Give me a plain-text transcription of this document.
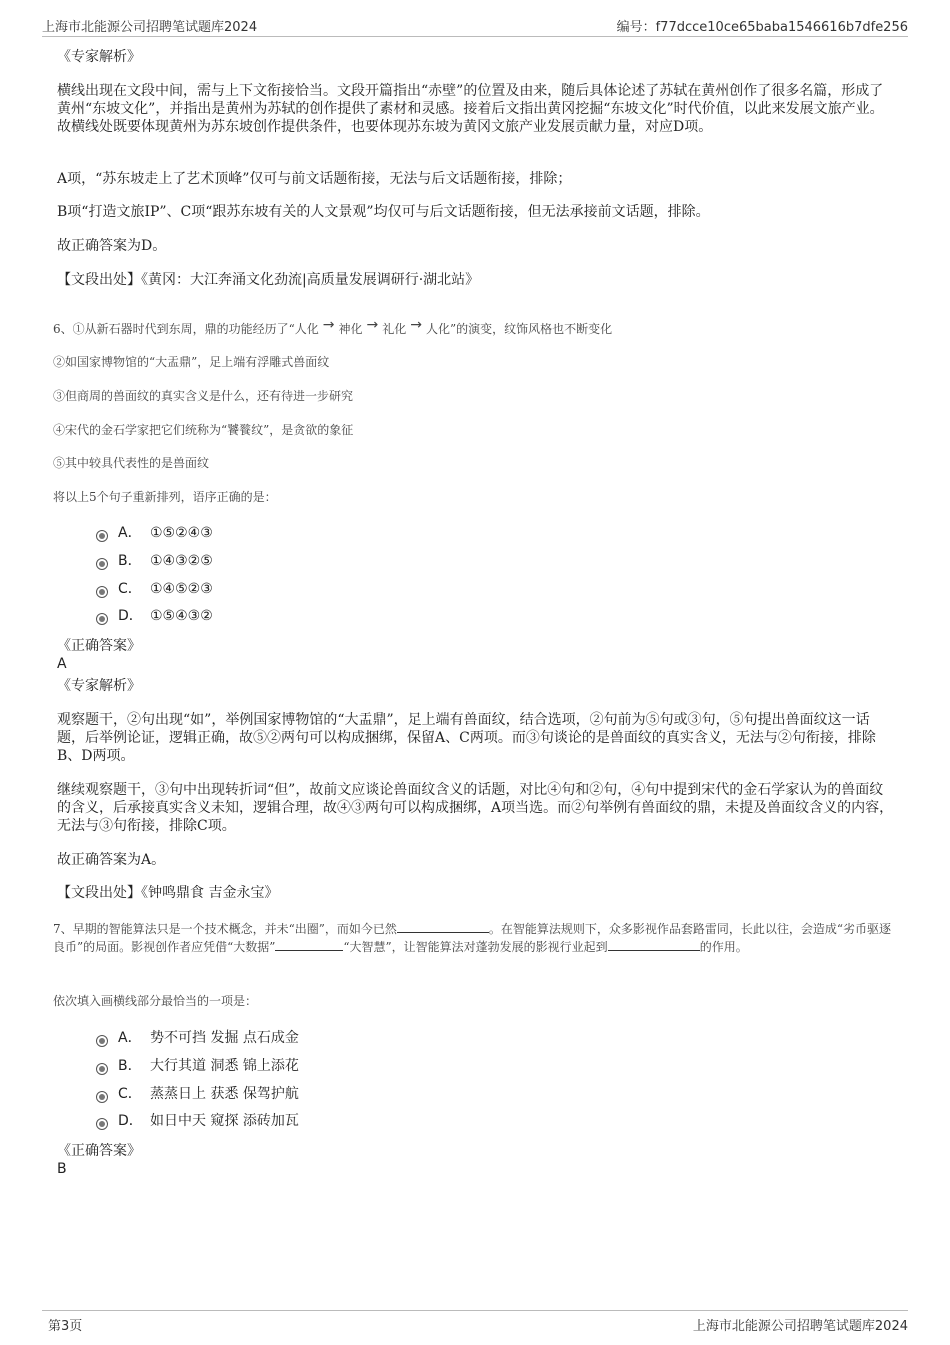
上海市北能源公司招聘笔试题库2024	编号：f77dcce10ce65baba1546616b7dfe256
《专家解析》
横线出现在文段中间，需与上下文衔接恰当。文段开篇指出“赤壁”的位置及由来，随后具体论述了苏轼在黄州创作了很多名篇，形成了黄州“东坡文化”，并指出是黄州为苏轼的创作提供了素材和灵感。接着后文指出黄冈挖掘“东坡文化”时代价值，以此来发展文旅产业。故横线处既要体现黄州为苏东坡创作提供条件，也要体现苏东坡为黄冈文旅产业发展贡献力量，对应D项。
A项，“苏东坡走上了艺术顶峰”仅可与前文话题衔接，无法与后文话题衔接，排除；
B项“打造文旅IP”、C项“跟苏东坡有关的人文景观”均仅可与后文话题衔接，但无法承接前文话题，排除。
故正确答案为D。
【文段出处】《黄冈：大江奔涌文化劲流|高质量发展调研行·湖北站》
6、①从新石器时代到东周，鼎的功能经历了“人化 → 神化 → 礼化 → 人化”的演变，纹饰风格也不断变化
②如国家博物馆的“大盂鼎”，足上端有浮雕式兽面纹
③但商周的兽面纹的真实含义是什么，还有待进一步研究
④宋代的金石学家把它们统称为“饕餮纹”，是贪欲的象征
⑤其中较具代表性的是兽面纹
将以上5个句子重新排列，语序正确的是：
A． ①⑤②④③
B． ①④③②⑤
C． ①④⑤②③
D． ①⑤④③②
《正确答案》
A
《专家解析》
观察题干，②句出现“如”，举例国家博物馆的“大盂鼎”，足上端有兽面纹，结合选项，②句前为⑤句或③句，⑤句提出兽面纹这一话题，后举例论证，逻辑正确，故⑤②两句可以构成捆绑，保留A、C两项。而③句谈论的是兽面纹的真实含义，无法与②句衔接，排除B、D两项。
继续观察题干，③句中出现转折词“但”，故前文应谈论兽面纹含义的话题，对比④句和②句，④句中提到宋代的金石学家认为的兽面纹的含义，后承接真实含义未知，逻辑合理，故④③两句可以构成捆绑，A项当选。而②句举例有兽面纹的鼎，未提及兽面纹含义的内容，无法与③句衔接，排除C项。
故正确答案为A。
【文段出处】《钟鸣鼎食 吉金永宝》
7、早期的智能算法只是一个技术概念，并未“出圈”，而如今已然	。在智能算法规则下，众多影视作品套路雷同，长此以往，会造成“劣币驱逐良币”的局面。影视创作者应凭借“大数据”	“大智慧”，让智能算法对蓬勃发展的影视行业起到	的作用。
依次填入画横线部分最恰当的一项是：
A． 势不可挡 发掘 点石成金
B． 大行其道 洞悉 锦上添花
C． 蒸蒸日上 获悉 保驾护航
D． 如日中天 窥探 添砖加瓦
《正确答案》
B
第3页	上海市北能源公司招聘笔试题库2024
